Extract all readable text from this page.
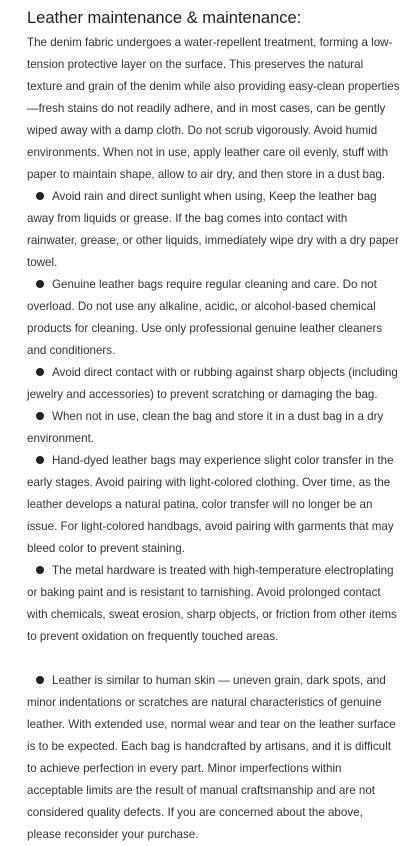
Leather maintenance & maintenance:

The denim fabric undergoes a water-repellent treatment, forming a low-tension protective layer on the surface. This preserves the natural texture and grain of the denim while also providing easy-clean properties—fresh stains do not readily adhere, and in most cases, can be gently wiped away with a damp cloth. Do not scrub vigorously. Avoid humid environments. When not in use, apply leather care oil evenly, stuff with paper to maintain shape, allow to air dry, and then store in a dust bag.

Avoid rain and direct sunlight when using, Keep the leather bag away from liquids or grease. If the bag comes into contact with rainwater, grease, or other liquids, immediately wipe dry with a dry paper towel.

Genuine leather bags require regular cleaning and care. Do not overload. Do not use any alkaline, acidic, or alcohol-based chemical products for cleaning. Use only professional genuine leather cleaners and conditioners.

Avoid direct contact with or rubbing against sharp objects (including jewelry and accessories) to prevent scratching or damaging the bag.

When not in use, clean the bag and store it in a dust bag in a dry environment.

Hand-dyed leather bags may experience slight color transfer in the early stages. Avoid pairing with light-colored clothing. Over time, as the leather develops a natural patina, color transfer will no longer be an issue. For light-colored handbags, avoid pairing with garments that may bleed color to prevent staining.

The metal hardware is treated with high-temperature electroplating or baking paint and is resistant to tarnishing. Avoid prolonged contact with chemicals, sweat erosion, sharp objects, or friction from other items to prevent oxidation on frequently touched areas.

Leather is similar to human skin — uneven grain, dark spots, and minor indentations or scratches are natural characteristics of genuine leather. With extended use, normal wear and tear on the leather surface is to be expected. Each bag is handcrafted by artisans, and it is difficult to achieve perfection in every part. Minor imperfections within acceptable limits are the result of manual craftsmanship and are not considered quality defects. If you are concerned about the above, please reconsider your purchase.
